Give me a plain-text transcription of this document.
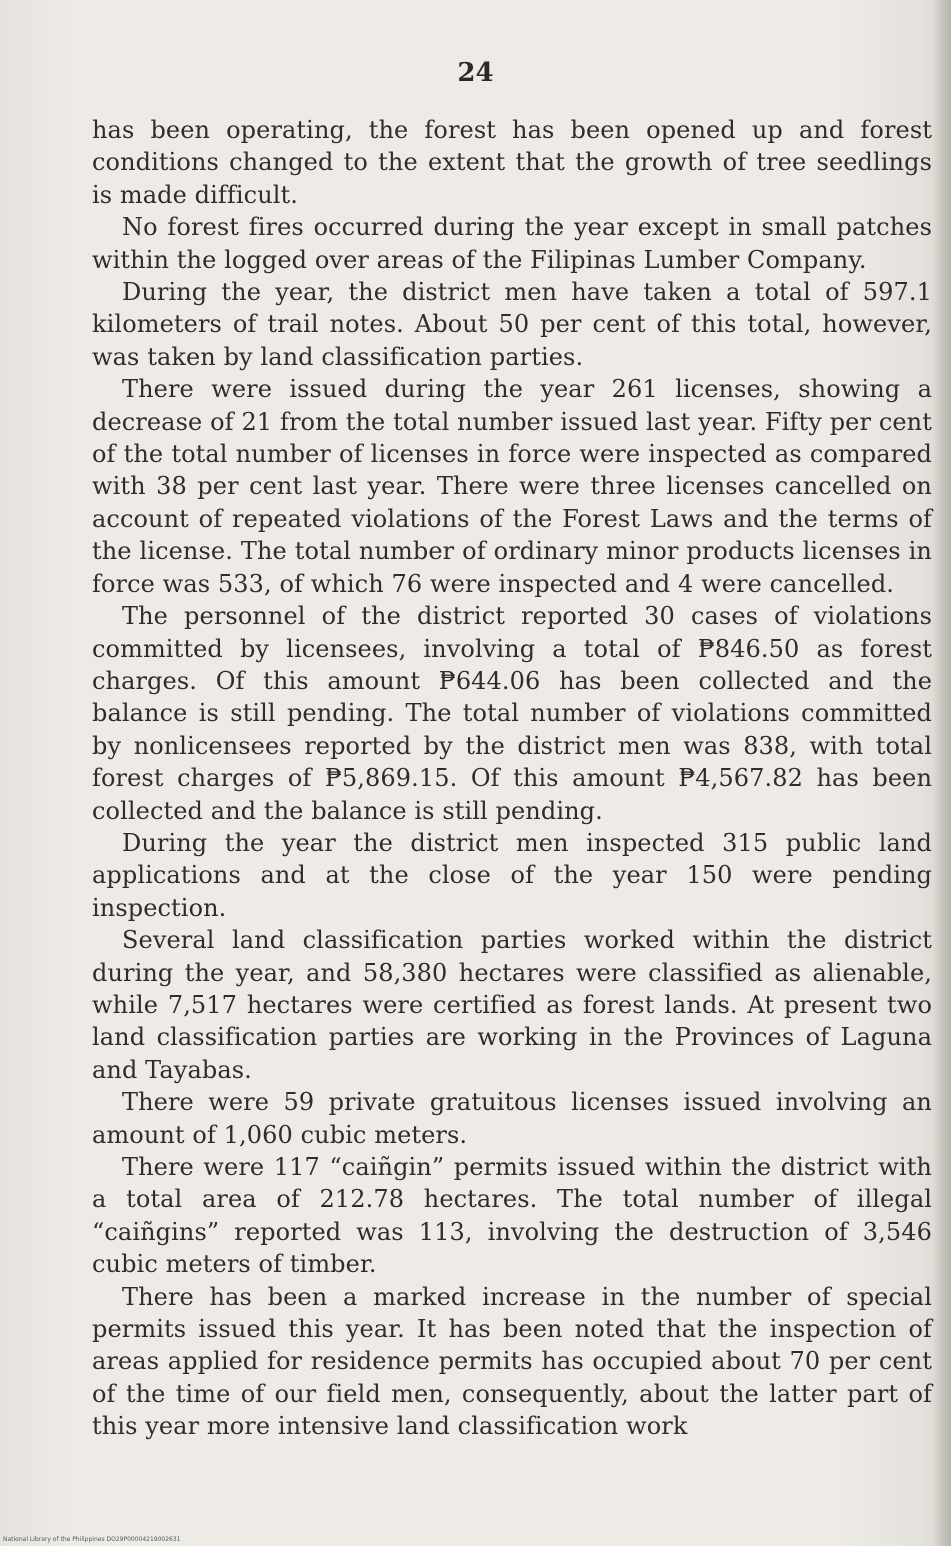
24

has been operating, the forest has been opened up and forest conditions changed to the extent that the growth of tree seedlings is made difficult.

No forest fires occurred during the year except in small patches within the logged over areas of the Filipinas Lumber Company.

During the year, the district men have taken a total of 597.1 kilometers of trail notes. About 50 per cent of this total, however, was taken by land classification parties.

There were issued during the year 261 licenses, showing a decrease of 21 from the total number issued last year. Fifty per cent of the total number of licenses in force were inspected as compared with 38 per cent last year. There were three licenses cancelled on account of repeated violations of the Forest Laws and the terms of the license. The total number of ordinary minor products licenses in force was 533, of which 76 were inspected and 4 were cancelled.

The personnel of the district reported 30 cases of violations committed by licensees, involving a total of ₱846.50 as forest charges. Of this amount ₱644.06 has been collected and the balance is still pending. The total number of violations committed by nonlicensees reported by the district men was 838, with total forest charges of ₱5,869.15. Of this amount ₱4,567.82 has been collected and the balance is still pending.

During the year the district men inspected 315 public land applications and at the close of the year 150 were pending inspection.

Several land classification parties worked within the district during the year, and 58,380 hectares were classified as alienable, while 7,517 hectares were certified as forest lands. At present two land classification parties are working in the Provinces of Laguna and Tayabas.

There were 59 private gratuitous licenses issued involving an amount of 1,060 cubic meters.

There were 117 “caiñgin” permits issued within the district with a total area of 212.78 hectares. The total number of illegal “caiñgins” reported was 113, involving the destruction of 3,546 cubic meters of timber.

There has been a marked increase in the number of special permits issued this year. It has been noted that the inspection of areas applied for residence permits has occupied about 70 per cent of the time of our field men, consequently, about the latter part of this year more intensive land classification work

National Library of the Philippines DO29P00004219002631
